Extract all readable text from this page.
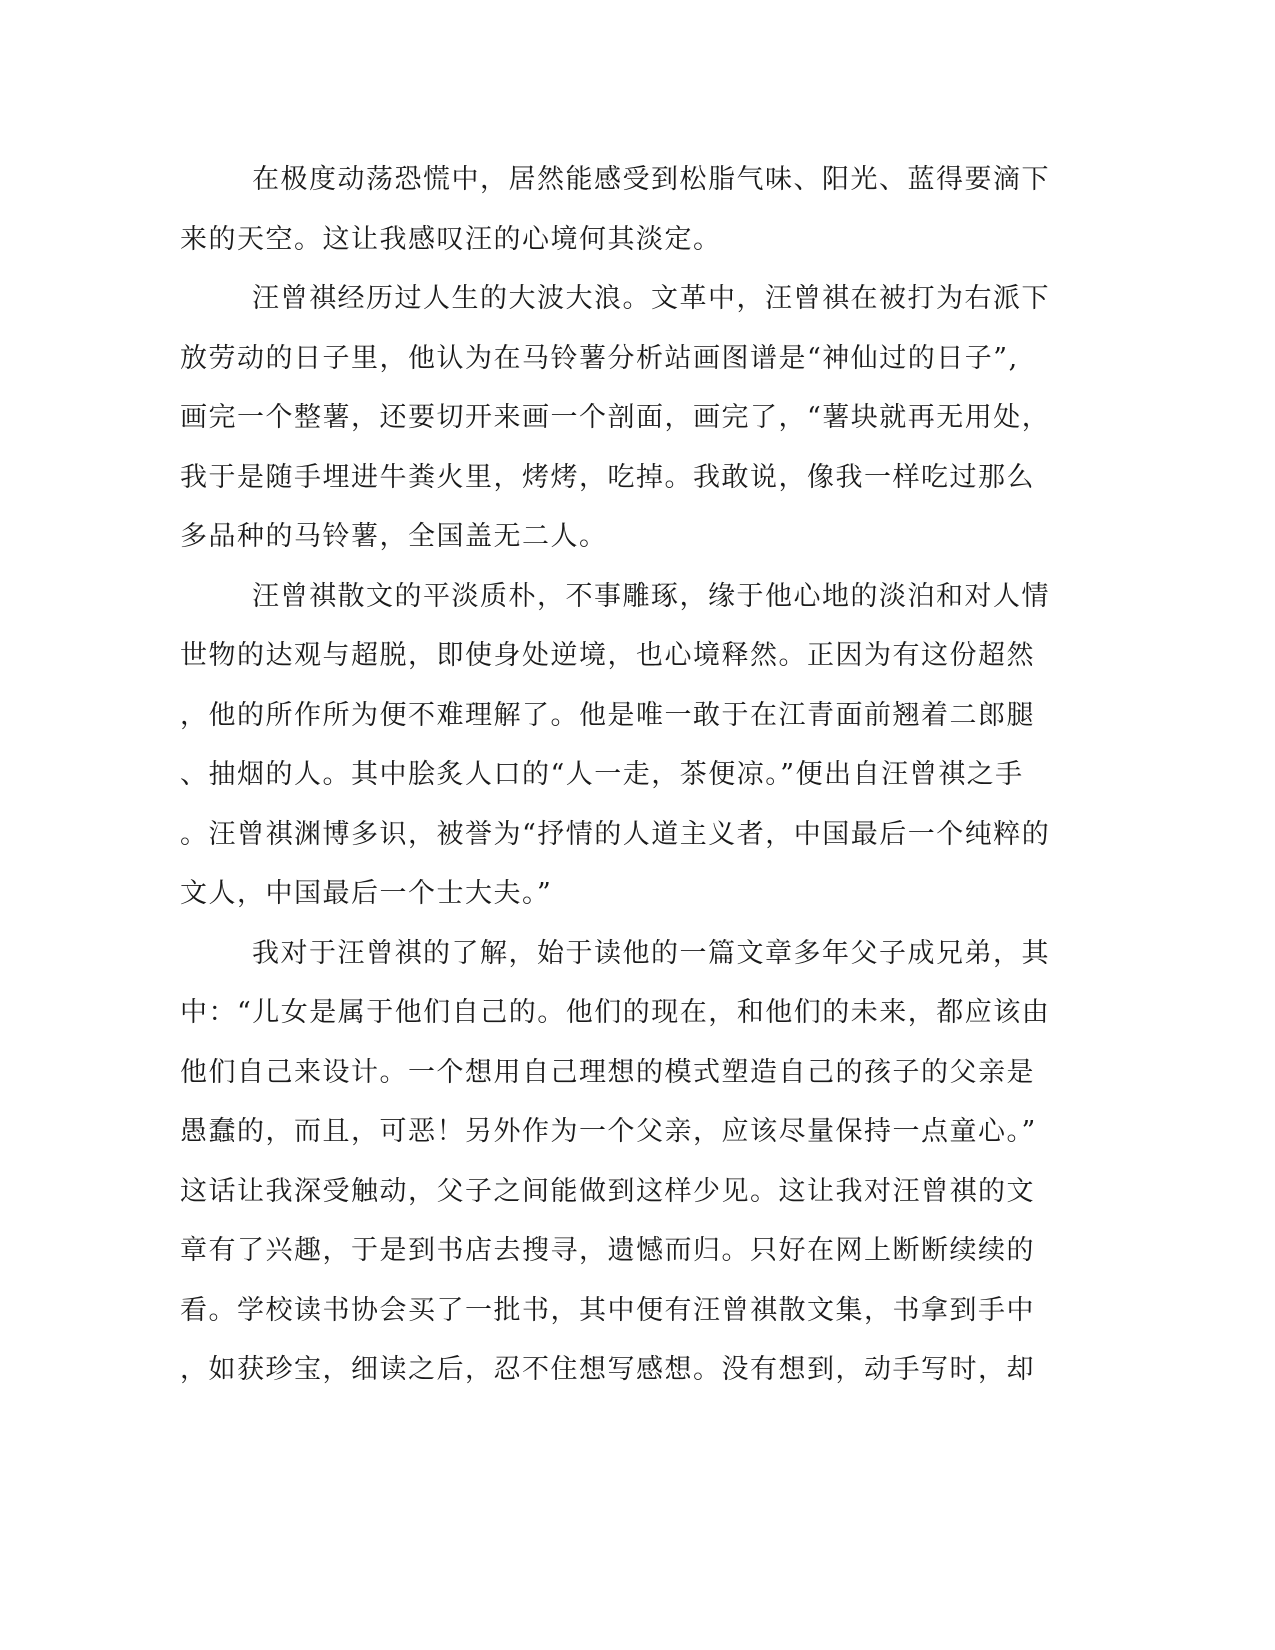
在极度动荡恐慌中，居然能感受到松脂气味、阳光、蓝得要滴下
来的天空。这让我感叹汪的心境何其淡定。
汪曾祺经历过人生的大波大浪。文革中，汪曾祺在被打为右派下
放劳动的日子里，他认为在马铃薯分析站画图谱是“神仙过的日子”,
画完一个整薯，还要切开来画一个剖面，画完了，“薯块就再无用处，
我于是随手埋进牛粪火里，烤烤，吃掉。我敢说，像我一样吃过那么
多品种的马铃薯，全国盖无二人。
汪曾祺散文的平淡质朴，不事雕琢，缘于他心地的淡泊和对人情
世物的达观与超脱，即使身处逆境，也心境释然。正因为有这份超然
，他的所作所为便不难理解了。他是唯一敢于在江青面前翘着二郎腿
、抽烟的人。其中脍炙人口的“人一走，茶便凉。”便出自汪曾祺之手
。汪曾祺渊博多识，被誉为“抒情的人道主义者，中国最后一个纯粹的
文人，中国最后一个士大夫。”
我对于汪曾祺的了解，始于读他的一篇文章多年父子成兄弟，其
中：“儿女是属于他们自己的。他们的现在，和他们的未来，都应该由
他们自己来设计。一个想用自己理想的模式塑造自己的孩子的父亲是
愚蠢的，而且，可恶！另外作为一个父亲，应该尽量保持一点童心。”
这话让我深受触动，父子之间能做到这样少见。这让我对汪曾祺的文
章有了兴趣，于是到书店去搜寻，遗憾而归。只好在网上断断续续的
看。学校读书协会买了一批书，其中便有汪曾祺散文集，书拿到手中
，如获珍宝，细读之后，忍不住想写感想。没有想到，动手写时，却
